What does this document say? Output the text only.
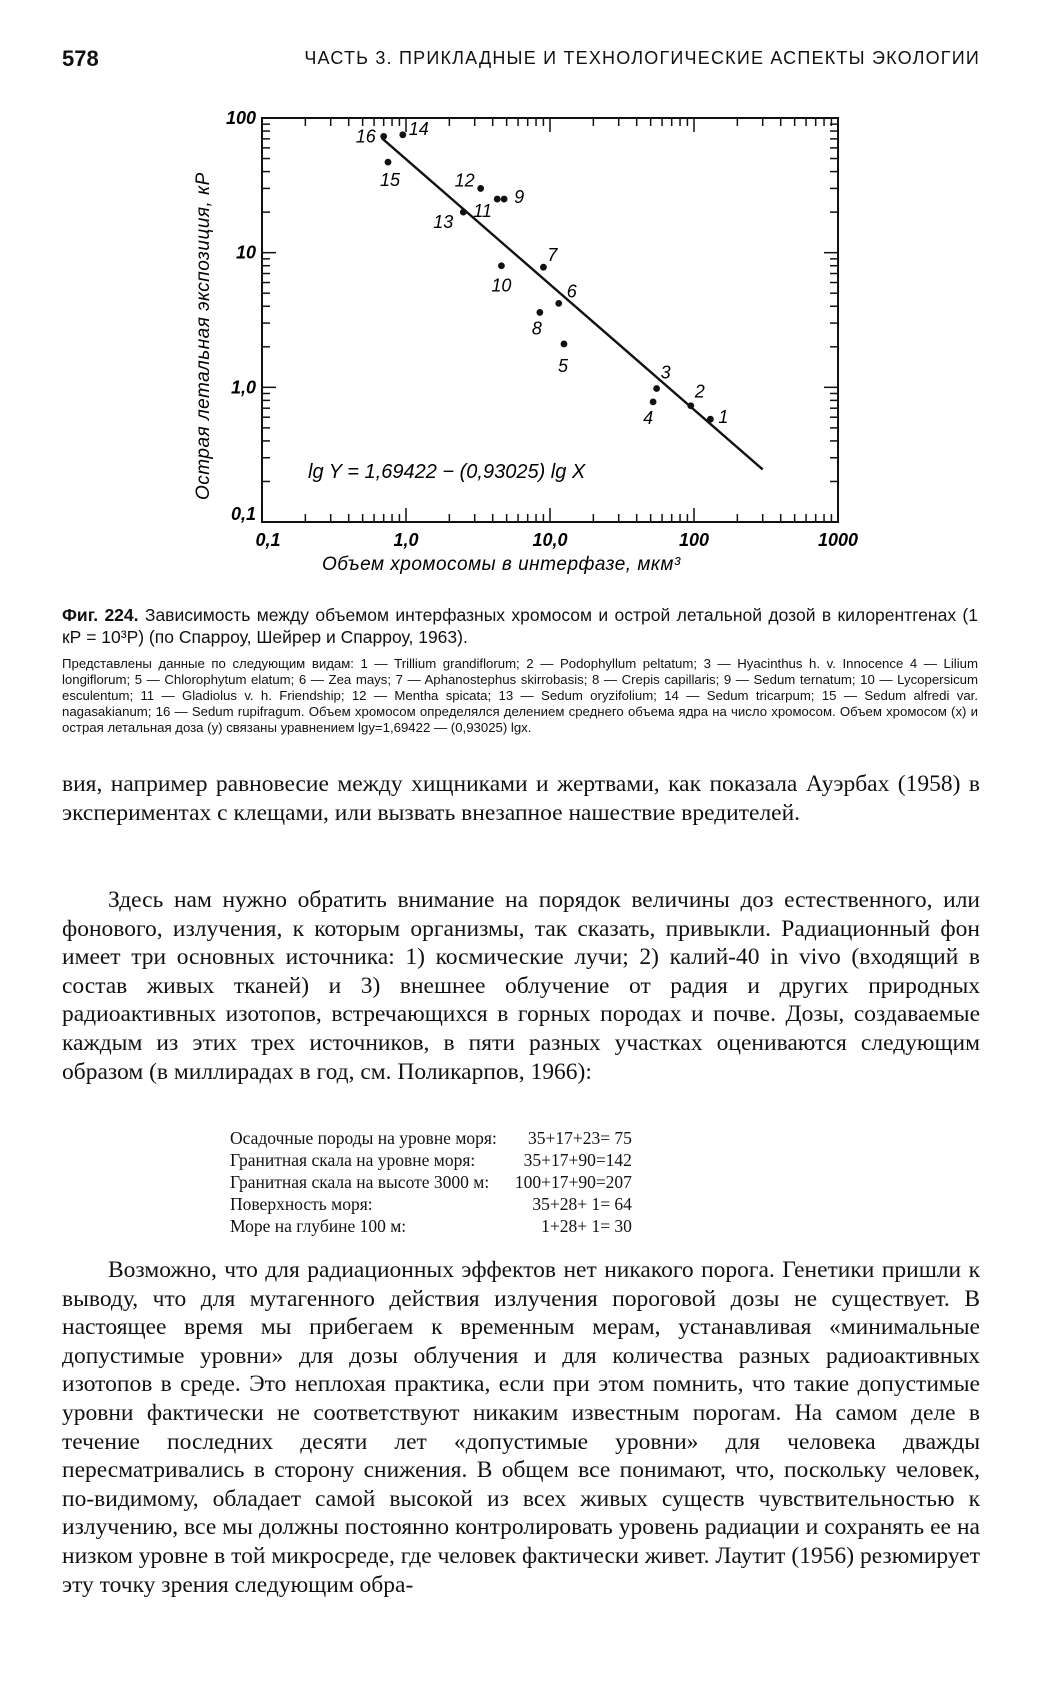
578	ЧАСТЬ 3. ПРИКЛАДНЫЕ И ТЕХНОЛОГИЧЕСКИЕ АСПЕКТЫ ЭКОЛОГИИ
0,1	1,0	10,0	100	1000
0,1
1,0
10
100
1
2
3
4
5
6
7
8
9
10
11
12
13
14
15
16
lg Y = 1,69422 − (0,93025) lg X
Объем хромосомы в интерфазе, мкм³
Острая летальная экспозиция, кР
Фиг. 224. Зависимость между объемом интерфазных хромосом и острой летальной дозой в килорентгенах (1 кР = 10³Р) (по Спарроу, Шейрер и Спарроу, 1963).
Представлены данные по следующим видам: 1 — Trillium grandiflorum; 2 — Podophyllum peltatum; 3 — Hyacinthus h. v. Innocence 4 — Lilium longiflorum; 5 — Chlorophytum elatum; 6 — Zea mays; 7 — Aphanostephus skirrobasis; 8 — Crepis capillaris; 9 — Sedum ternatum; 10 — Lycopersicum esculentum; 11 — Gladiolus v. h. Friendship; 12 — Mentha spicata; 13 — Sedum oryzifolium; 14 — Sedum tricarpum; 15 — Sedum alfredi var. nagasakianum; 16 — Sedum rupifragum. Объем хромосом определялся делением среднего объема ядра на число хромосом. Объем хромосом (x) и острая летальная доза (y) связаны уравнением lgy=1,69422 — (0,93025) lgx.

вия, например равновесие между хищниками и жертвами, как показала Ауэрбах (1958) в экспериментах с клещами, или вызвать внезапное нашествие вредителей.

Здесь нам нужно обратить внимание на порядок величины доз естественного, или фонового, излучения, к которым организмы, так сказать, привыкли. Радиационный фон имеет три основных источника: 1) космические лучи; 2) калий-40 in vivo (входящий в состав живых тканей) и 3) внешнее облучение от радия и других природных радиоактивных изотопов, встречающихся в горных породах и почве. Дозы, создаваемые каждым из этих трех источников, в пяти разных участках оцениваются следующим образом (в миллирадах в год, см. Поликарпов, 1966):

Осадочные породы на уровне моря:	35+17+23= 75
Гранитная скала на уровне моря:	35+17+90=142
Гранитная скала на высоте 3000 м:	100+17+90=207
Поверхность моря:	35+28+ 1= 64
Море на глубине 100 м:	1+28+ 1= 30

Возможно, что для радиационных эффектов нет никакого порога. Генетики пришли к выводу, что для мутагенного действия излучения пороговой дозы не существует. В настоящее время мы прибегаем к временным мерам, устанавливая «минимальные допустимые уровни» для дозы облучения и для количества разных радиоактивных изотопов в среде. Это неплохая практика, если при этом помнить, что такие допустимые уровни фактически не соответствуют никаким известным порогам. На самом деле в течение последних десяти лет «допустимые уровни» для человека дважды пересматривались в сторону снижения. В общем все понимают, что, поскольку человек, по-видимому, обладает самой высокой из всех живых существ чувствительностью к излучению, все мы должны постоянно контролировать уровень радиации и сохранять ее на низком уровне в той микросреде, где человек фактически живет. Лаутит (1956) резюмирует эту точку зрения следующим обра-
